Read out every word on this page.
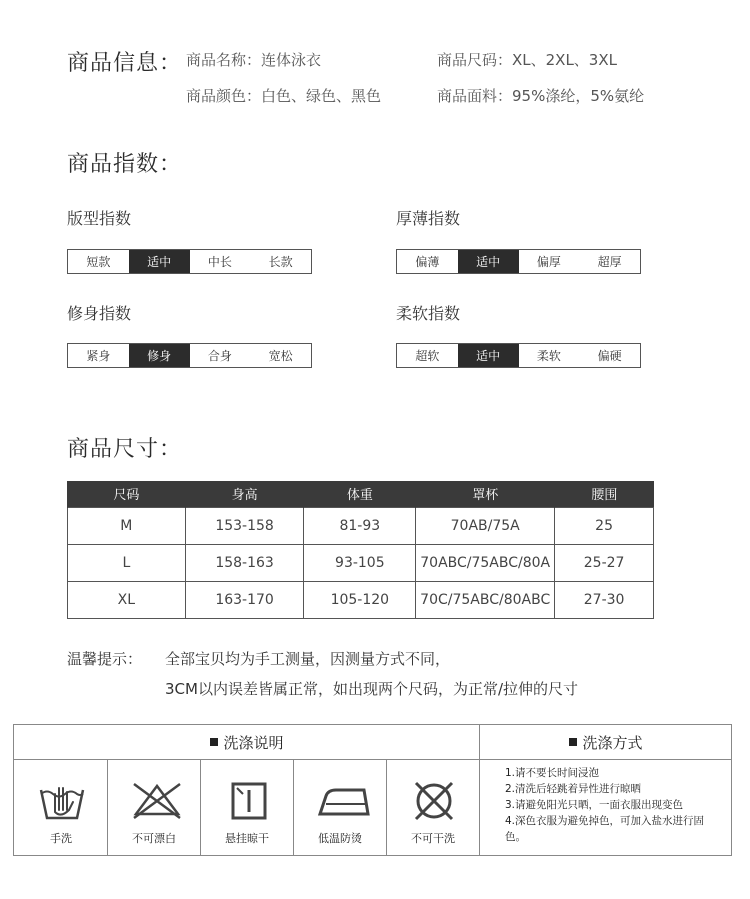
商品信息： 商品名称：连体泳衣	商品尺码：XL、2XL、3XL
商品颜色：白色、绿色、黑色	商品面料：95%涤纶，5%氨纶
商品指数：
版型指数
短款	适中	中长	长款
厚薄指数
偏薄	适中	偏厚	超厚
修身指数
紧身	修身	合身	宽松
柔软指数
超软	适中	柔软	偏硬
商品尺寸：
尺码	身高	体重	罩杯	腰围
M	153-158	81-93	70AB/75A	25
L	158-163	93-105	70ABC/75ABC/80A	25-27
XL	163-170	105-120	70C/75ABC/80ABC	27-30
温馨提示： 全部宝贝均为手工测量，因测量方式不同，
3CM以内误差皆属正常，如出现两个尺码，为正常/拉伸的尺寸
洗涤说明	洗涤方式
手洗	不可漂白	悬挂晾干	低温防烫	不可干洗
1.请不要长时间浸泡
2.清洗后轻跳着异性进行晾晒
3.请避免阳光只晒，一面衣服出现变色
4.深色衣服为避免掉色，可加入盐水进行固色。
